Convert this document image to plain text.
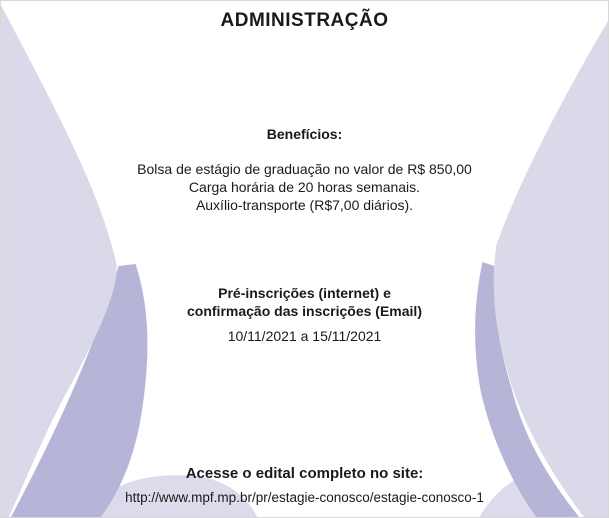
ADMINISTRAÇÃO
Benefícios:
Bolsa de estágio de graduação no valor de R$ 850,00
Carga horária de 20 horas semanais.
Auxílio-transporte (R$7,00 diários).
Pré-inscrições (internet) e
confirmação das inscrições (Email)
10/11/2021 a 15/11/2021
Acesse o edital completo no site:
http://www.mpf.mp.br/pr/estagie-conosco/estagie-conosco-1
